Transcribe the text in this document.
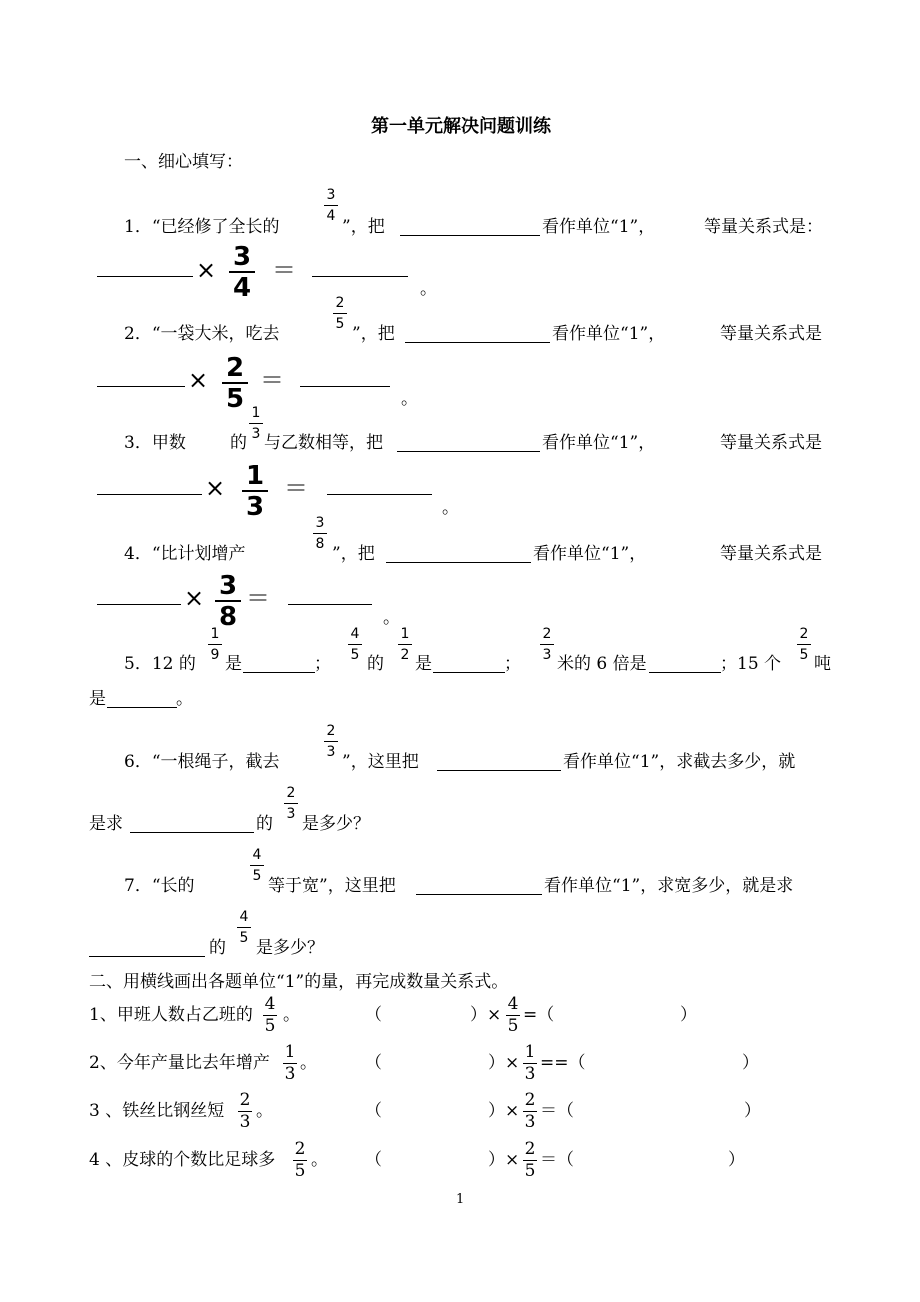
第一单元解决问题训练
一、细心填写：
1．“已经修了全长的
3
4
”，把	看作单位“1”，	等量关系式是：
× 3
4
＝
。
2．“一袋大米，吃去
2
5 ”，把	看作单位“1”，	等量关系式是
× 2
5
＝
。
3．甲数	的
1
3 与乙数相等，把	看作单位“1”，	等量关系式是
× 1
3
＝
。
4．“比计划增产
3
8 ”，把	看作单位“1”，	等量关系式是
× 3
8
＝
。
5．12 的
1
9 是	；
4
5 的
1
2 是	；
2
3 米的 6 倍是	；15 个
2
5 吨
是	。
6．“一根绳子，截去
2
3 ”，这里把	看作单位“1”，求截去多少，就
是求	的
2
3 是多少？
7．“长的
4
5 等于宽”，这里把	看作单位“1”，求宽多少，就是求
的
4
5 是多少？
二、用横线画出各题单位“1”的量，再完成数量关系式。
1、甲班人数占乙班的
4
5
。	（	）×
4
5
=（	）
2、今年产量比去年增产
1
3
。	（	）×
1
3
==（	）
3 、铁丝比钢丝短
2
3
。	（	）×
2
3
＝（	）
4 、皮球的个数比足球多
2
5
。 （	）×
2
5
＝（	）
1
